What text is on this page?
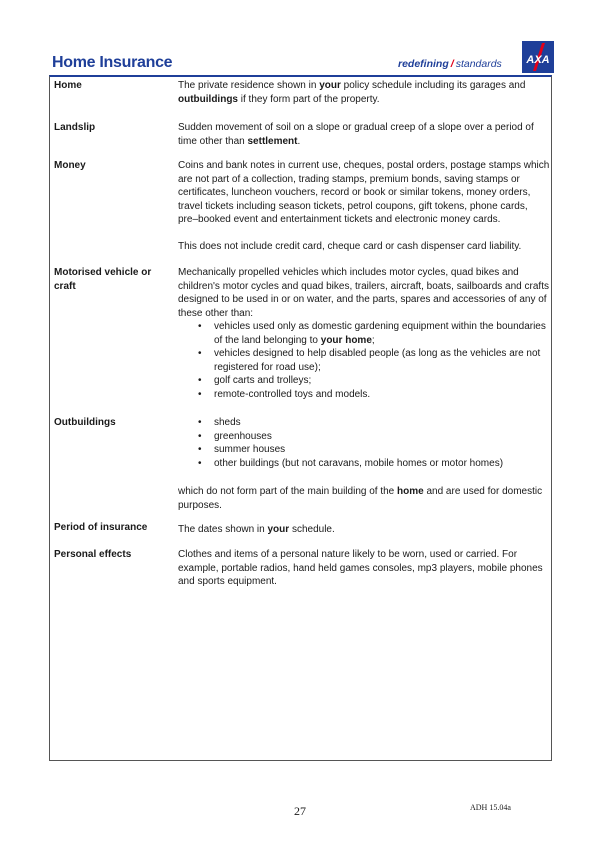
Home Insurance	redefining / standards AXA
Home	The private residence shown in your policy schedule including its garages and outbuildings if they form part of the property.
Landslip	Sudden movement of soil on a slope or gradual creep of a slope over a period of time other than settlement.
Money	Coins and bank notes in current use, cheques, postal orders, postage stamps which are not part of a collection, trading stamps, premium bonds, saving stamps or certificates, luncheon vouchers, record or book or similar tokens, money orders, travel tickets including season tickets, petrol coupons, gift tokens, phone cards, pre–booked event and entertainment tickets and electronic money cards.
This does not include credit card, cheque card or cash dispenser card liability.
Motorised vehicle or
craft
Mechanically propelled vehicles which includes motor cycles, quad bikes and children's motor cycles and quad bikes, trailers, aircraft, boats, sailboards and crafts designed to be used in or on water, and the parts, spares and accessories of any of these other than:
• vehicles used only as domestic gardening equipment within the boundaries of the land belonging to your home;
• vehicles designed to help disabled people (as long as the vehicles are not registered for road use);
• golf carts and trolleys;
• remote-controlled toys and models.
Outbuildings
•	sheds
• greenhouses
• summer houses
• other buildings (but not caravans, mobile homes or motor homes)
which do not form part of the main building of the home and are used for domestic purposes.
Period of insurance	The dates shown in your schedule.
Personal effects	Clothes and items of a personal nature likely to be worn, used or carried. For example, portable radios, hand held games consoles, mp3 players, mobile phones and sports equipment.
27	ADH 15.04a
